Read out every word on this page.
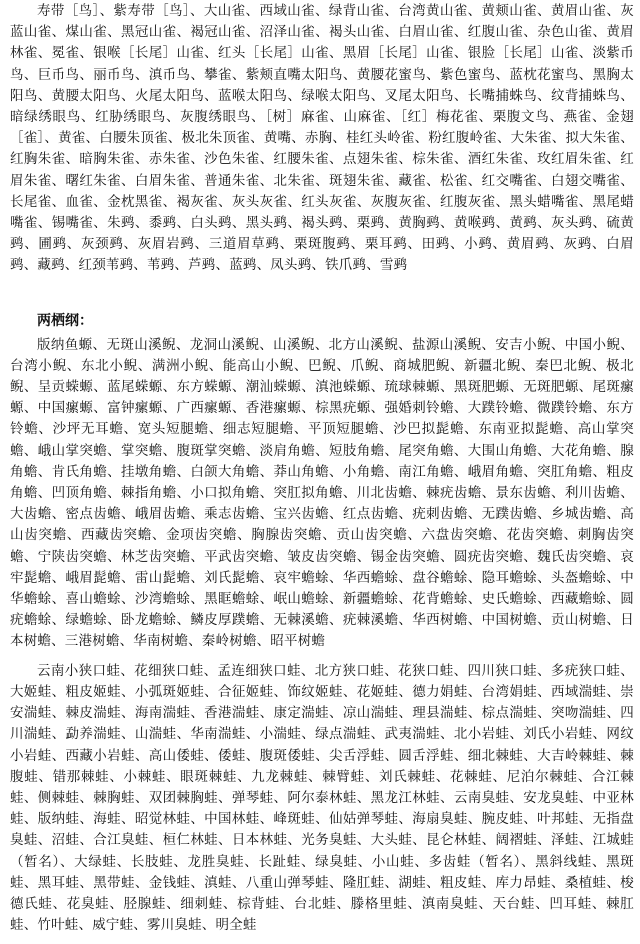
寿带［鸟］、紫寿带［鸟］、大山雀、西域山雀、绿背山雀、台湾黄山雀、黄颊山雀、黄眉山雀、灰蓝山雀、煤山雀、黑冠山雀、褐冠山雀、沼泽山雀、褐头山雀、白眉山雀、红腹山雀、杂色山雀、黄眉林雀、冕雀、银喉［长尾］山雀、红头［长尾］山雀、黑眉［长尾］山雀、银脸［长尾］山雀、淡紫币鸟、巨币鸟、丽币鸟、滇币鸟、攀雀、紫颊直嘴太阳鸟、黄腰花蜜鸟、紫色蜜鸟、蓝枕花蜜鸟、黑胸太阳鸟、黄腰太阳鸟、火尾太阳鸟、蓝喉太阳鸟、绿喉太阳鸟、叉尾太阳鸟、长嘴捕蛛鸟、纹背捕蛛鸟、暗绿绣眼鸟、红胁绣眼鸟、灰腹绣眼鸟、［树］麻雀、山麻雀、［红］梅花雀、栗腹文鸟、燕雀、金翅［雀］、黄雀、白腰朱顶雀、极北朱顶雀、黄嘴、赤胸、桂红头岭雀、粉红腹岭雀、大朱雀、拟大朱雀、红胸朱雀、暗胸朱雀、赤朱雀、沙色朱雀、红腰朱雀、点翅朱雀、棕朱雀、酒红朱雀、玫红眉朱雀、红眉朱雀、曙红朱雀、白眉朱雀、普通朱雀、北朱雀、斑翅朱雀、藏雀、松雀、红交嘴雀、白翅交嘴雀、长尾雀、血雀、金枕黑雀、褐灰雀、灰头灰雀、红头灰雀、灰腹灰雀、红腹灰雀、黑头蜡嘴雀、黑尾蜡嘴雀、锡嘴雀、朱鹀、黍鹀、白头鹀、黑头鹀、褐头鹀、栗鹀、黄胸鹀、黄喉鹀、黄鹀、灰头鹀、硫黄鹀、圃鹀、灰颈鹀、灰眉岩鹀、三道眉草鹀、栗斑腹鹀、栗耳鹀、田鹀、小鹀、黄眉鹀、灰鹀、白眉鹀、藏鹀、红颈苇鹀、苇鹀、芦鹀、蓝鹀、凤头鹀、铁爪鹀、雪鹀

两栖纲：

版纳鱼螈、无斑山溪鲵、龙洞山溪鲵、山溪鲵、北方山溪鲵、盐源山溪鲵、安吉小鲵、中国小鲵、台湾小鲵、东北小鲵、满洲小鲵、能高山小鲵、巴鲵、爪鲵、商城肥鲵、新疆北鲵、秦巴北鲵、极北鲵、呈贡蝾螈、蓝尾蝾螈、东方蝾螈、潮汕蝾螈、滇池蝾螈、琉球棘螈、黑斑肥螈、无斑肥螈、尾斑瘰螈、中国瘰螈、富钟瘰螈、广西瘰螈、香港瘰螈、棕黑疣螈、强婚刺铃蟾、大蹼铃蟾、微蹼铃蟾、东方铃蟾、沙坪无耳蟾、宽头短腿蟾、细志短腿蟾、平顶短腿蟾、沙巴拟髭蟾、东南亚拟髭蟾、高山掌突蟾、峨山掌突蟾、掌突蟾、腹斑掌突蟾、淡肩角蟾、短肢角蟾、尾突角蟾、大围山角蟾、大花角蟾、腺角蟾、肯氏角蟾、挂墩角蟾、白颌大角蟾、莽山角蟾、小角蟾、南江角蟾、峨眉角蟾、突肛角蟾、粗皮角蟾、凹顶角蟾、棘指角蟾、小口拟角蟾、突肛拟角蟾、川北齿蟾、棘疣齿蟾、景东齿蟾、利川齿蟾、大齿蟾、密点齿蟾、峨眉齿蟾、乘志齿蟾、宝兴齿蟾、红点齿蟾、疣刺齿蟾、无蹼齿蟾、乡城齿蟾、高山齿突蟾、西藏齿突蟾、金项齿突蟾、胸腺齿突蟾、贡山齿突蟾、六盘齿突蟾、花齿突蟾、刺胸齿突蟾、宁陕齿突蟾、林芝齿突蟾、平武齿突蟾、皱皮齿突蟾、锡金齿突蟾、圆疣齿突蟾、魏氏齿突蟾、哀牢髭蟾、峨眉髭蟾、雷山髭蟾、刘氏髭蟾、哀牢蟾蜍、华西蟾蜍、盘谷蟾蜍、隐耳蟾蜍、头盔蟾蜍、中华蟾蜍、喜山蟾蜍、沙湾蟾蜍、黑眶蟾蜍、岷山蟾蜍、新疆蟾蜍、花背蟾蜍、史氏蟾蜍、西藏蟾蜍、圆疣蟾蜍、绿蟾蜍、卧龙蟾蜍、鳞皮厚蹼蟾、无棘溪蟾、疣棘溪蟾、华西树蟾、中国树蟾、贡山树蟾、日本树蟾、三港树蟾、华南树蟾、秦岭树蟾、昭平树蟾

云南小狭口蛙、花细狭口蛙、孟连细狭口蛙、北方狭口蛙、花狭口蛙、四川狭口蛙、多疣狭口蛙、大姬蛙、粗皮姬蛙、小弧斑姬蛙、合征姬蛙、饰纹姬蛙、花姬蛙、德力娟蛙、台湾娟蛙、西域湍蛙、崇安湍蛙、棘皮湍蛙、海南湍蛙、香港湍蛙、康定湍蛙、凉山湍蛙、理县湍蛙、棕点湍蛙、突吻湍蛙、四川湍蛙、勐养湍蛙、山湍蛙、华南湍蛙、小湍蛙、绿点湍蛙、武夷湍蛙、北小岩蛙、刘氏小岩蛙、网纹小岩蛙、西藏小岩蛙、高山倭蛙、倭蛙、腹斑倭蛙、尖舌浮蛙、圆舌浮蛙、细北棘蛙、大吉岭棘蛙、棘腹蛙、错那棘蛙、小棘蛙、眼斑棘蛙、九龙棘蛙、棘臂蛙、刘氏棘蛙、花棘蛙、尼泊尔棘蛙、合江棘蛙、侧棘蛙、棘胸蛙、双团棘胸蛙、弹琴蛙、阿尔泰林蛙、黑龙江林蛙、云南臭蛙、安龙臭蛙、中亚林蛙、版纳蛙、海蛙、昭觉林蛙、中国林蛙、峰斑蛙、仙姑弹琴蛙、海扇臭蛙、腕皮蛙、叶邦蛙、无指盘臭蛙、沼蛙、合江臭蛙、桓仁林蛙、日本林蛙、光务臭蛙、大头蛙、昆仑林蛙、阔褶蛙、泽蛙、江城蛙（暂名）、大绿蛙、长肢蛙、龙胜臭蛙、长趾蛙、绿臭蛙、小山蛙、多齿蛙（暂名）、黑斜线蛙、黑斑蛙、黑耳蛙、黑带蛙、金钱蛙、滇蛙、八重山弹琴蛙、隆肛蛙、湖蛙、粗皮蛙、库力昂蛙、桑植蛙、梭德氏蛙、花臭蛙、胫腺蛙、细刺蛙、棕背蛙、台北蛙、滕格里蛙、滇南臭蛙、天台蛙、凹耳蛙、棘肛蛙、竹叶蛙、威宁蛙、雾川臭蛙、明全蛙
